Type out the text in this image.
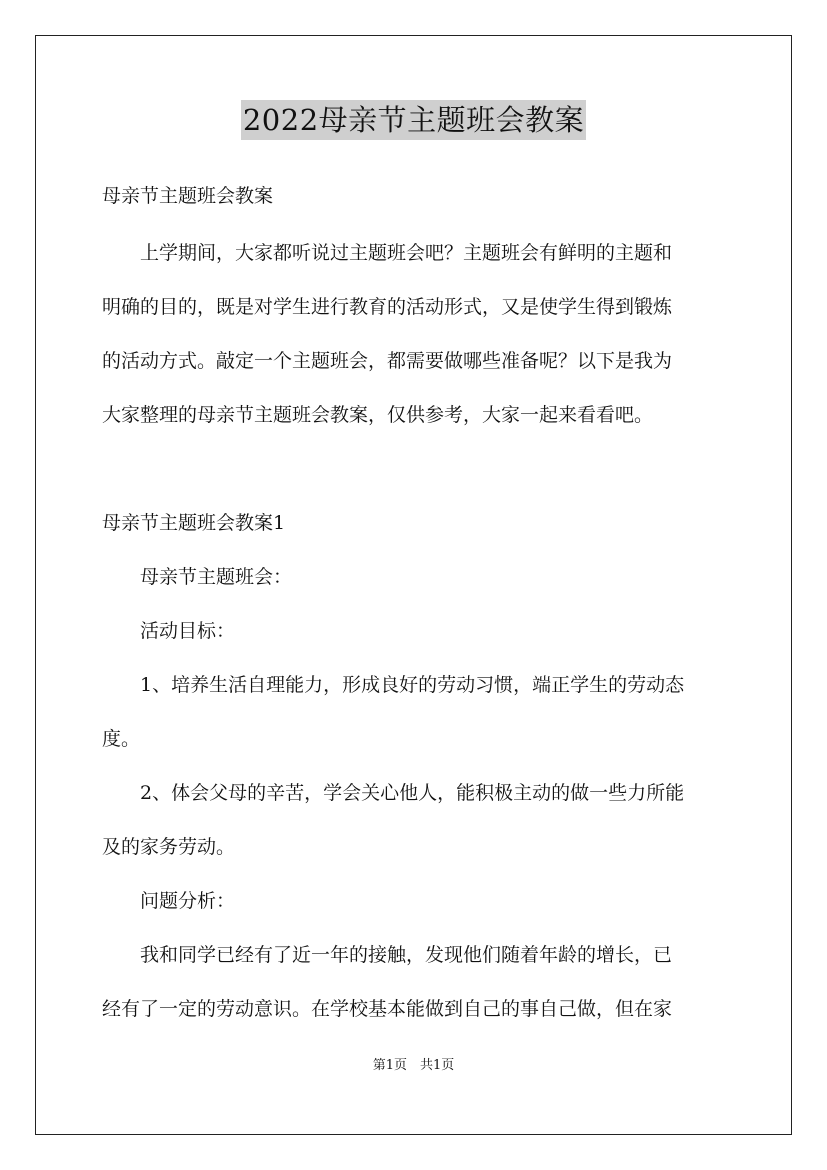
2022母亲节主题班会教案

母亲节主题班会教案

　　上学期间，大家都听说过主题班会吧？主题班会有鲜明的主题和

明确的目的，既是对学生进行教育的活动形式，又是使学生得到锻炼

的活动方式。敲定一个主题班会，都需要做哪些准备呢？以下是我为

大家整理的母亲节主题班会教案，仅供参考，大家一起来看看吧。

母亲节主题班会教案1

　　母亲节主题班会：

　　活动目标：

　　1、培养生活自理能力，形成良好的劳动习惯，端正学生的劳动态

度。

　　2、体会父母的辛苦，学会关心他人，能积极主动的做一些力所能

及的家务劳动。

　　问题分析：

　　我和同学已经有了近一年的接触，发现他们随着年龄的增长，已

经有了一定的劳动意识。在学校基本能做到自己的事自己做，但在家

第1页　共1页
